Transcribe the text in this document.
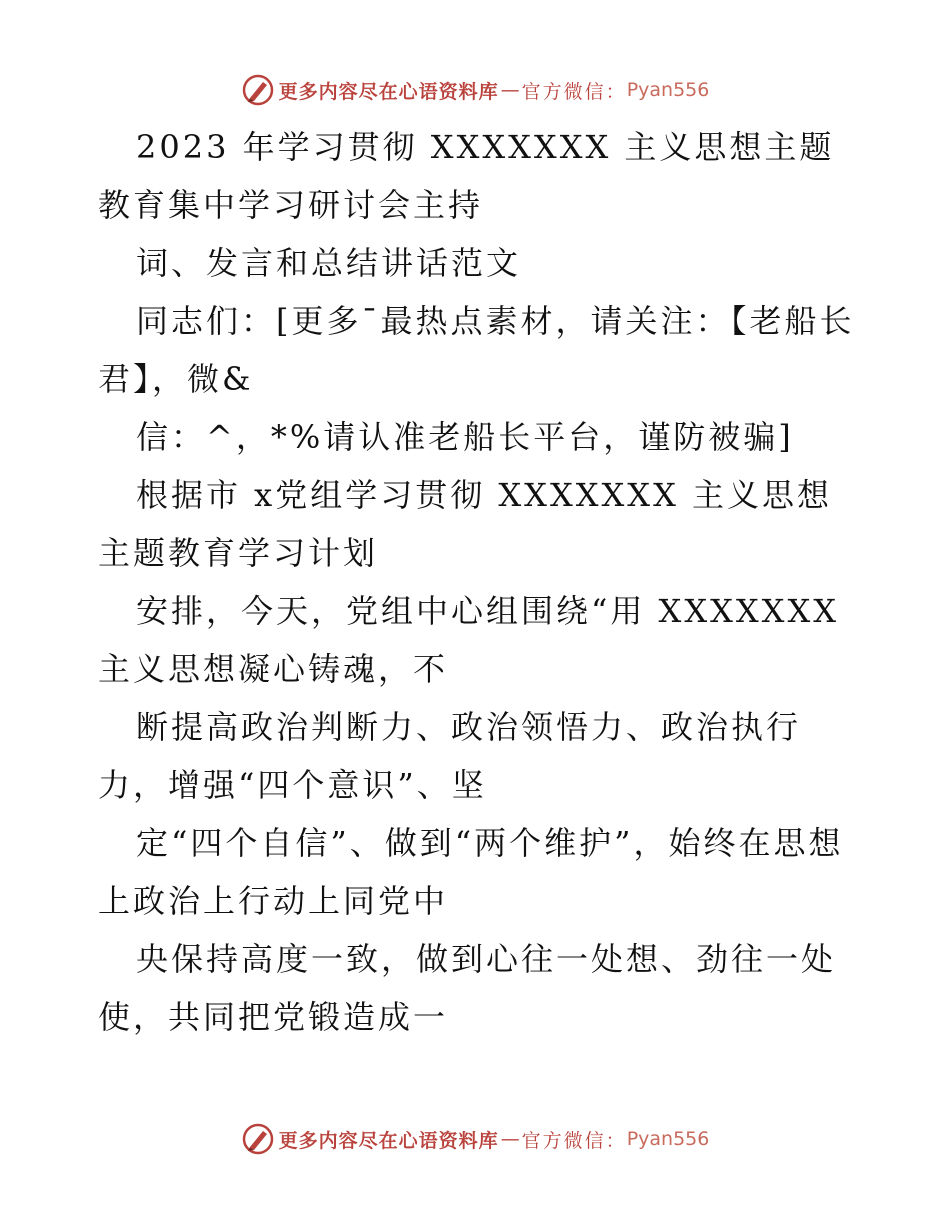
更多内容尽在心语资料库 — 官方微信： Pyan556

2023 年学习贯彻 XXXXXXX 主义思想主题教育集中学习研讨会主持

词、发言和总结讲话范文

同志们：[更多¯最热点素材，请关注：【老船长君】，微&

信：^，*%请认准老船长平台，谨防被骗]

根据市 x党组学习贯彻 XXXXXXX 主义思想主题教育学习计划

安排，今天，党组中心组围绕“用 XXXXXXX 主义思想凝心铸魂，不

断提高政治判断力、政治领悟力、政治执行力，增强“四个意识”、坚

定“四个自信”、做到“两个维护”，始终在思想上政治上行动上同党中

央保持高度一致，做到心往一处想、劲往一处使，共同把党锻造成一

更多内容尽在心语资料库 — 官方微信： Pyan556
